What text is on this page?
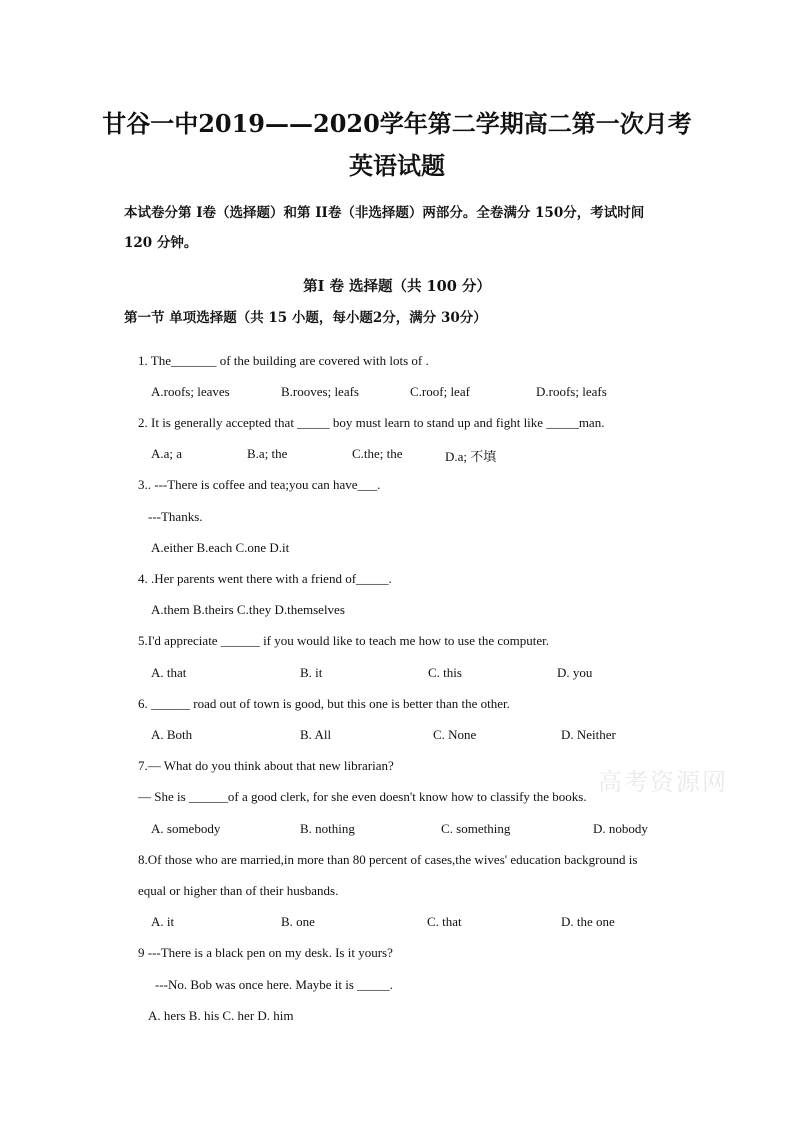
甘谷一中2019——2020学年第二学期高二第一次月考
英语试题
本试卷分第 I卷（选择题）和第 II卷（非选择题）两部分。全卷满分 150分，考试时间
120 分钟。
第I 卷 选择题（共 100 分）
第一节 单项选择题（共 15 小题，每小题2分，满分 30分）
1. The_______ of the building are covered with lots of .
A.roofs; leaves	B.rooves; leafs	C.roof; leaf	D.roofs; leafs
2. It is generally accepted that _____ boy must learn to stand up and fight like _____man.
A.a; a	B.a; the	C.the; the	D.a; 不填
3.. ---There is coffee and tea;you can have___.
---Thanks.
A.either B.each C.one D.it
4. .Her parents went there with a friend of_____.
A.them B.theirs C.they D.themselves
5.I'd appreciate ______ if you would like to teach me how to use the computer.
A. that	B. it	C. this	D. you
6. ______ road out of town is good, but this one is better than the other.
A. Both	B. All	C. None	D. Neither
7.— What do you think about that new librarian?
— She is ______of a good clerk, for she even doesn't know how to classify the books.
A. somebody	B. nothing	C. something	D. nobody
8.Of those who are married,in more than 80 percent of cases,the wives' education background is
equal or higher than of their husbands.
A. it	B. one	C. that	D. the one
9 ---There is a black pen on my desk. Is it yours?
---No. Bob was once here. Maybe it is _____.
A. hers B. his C. her D. him
高考资源网
